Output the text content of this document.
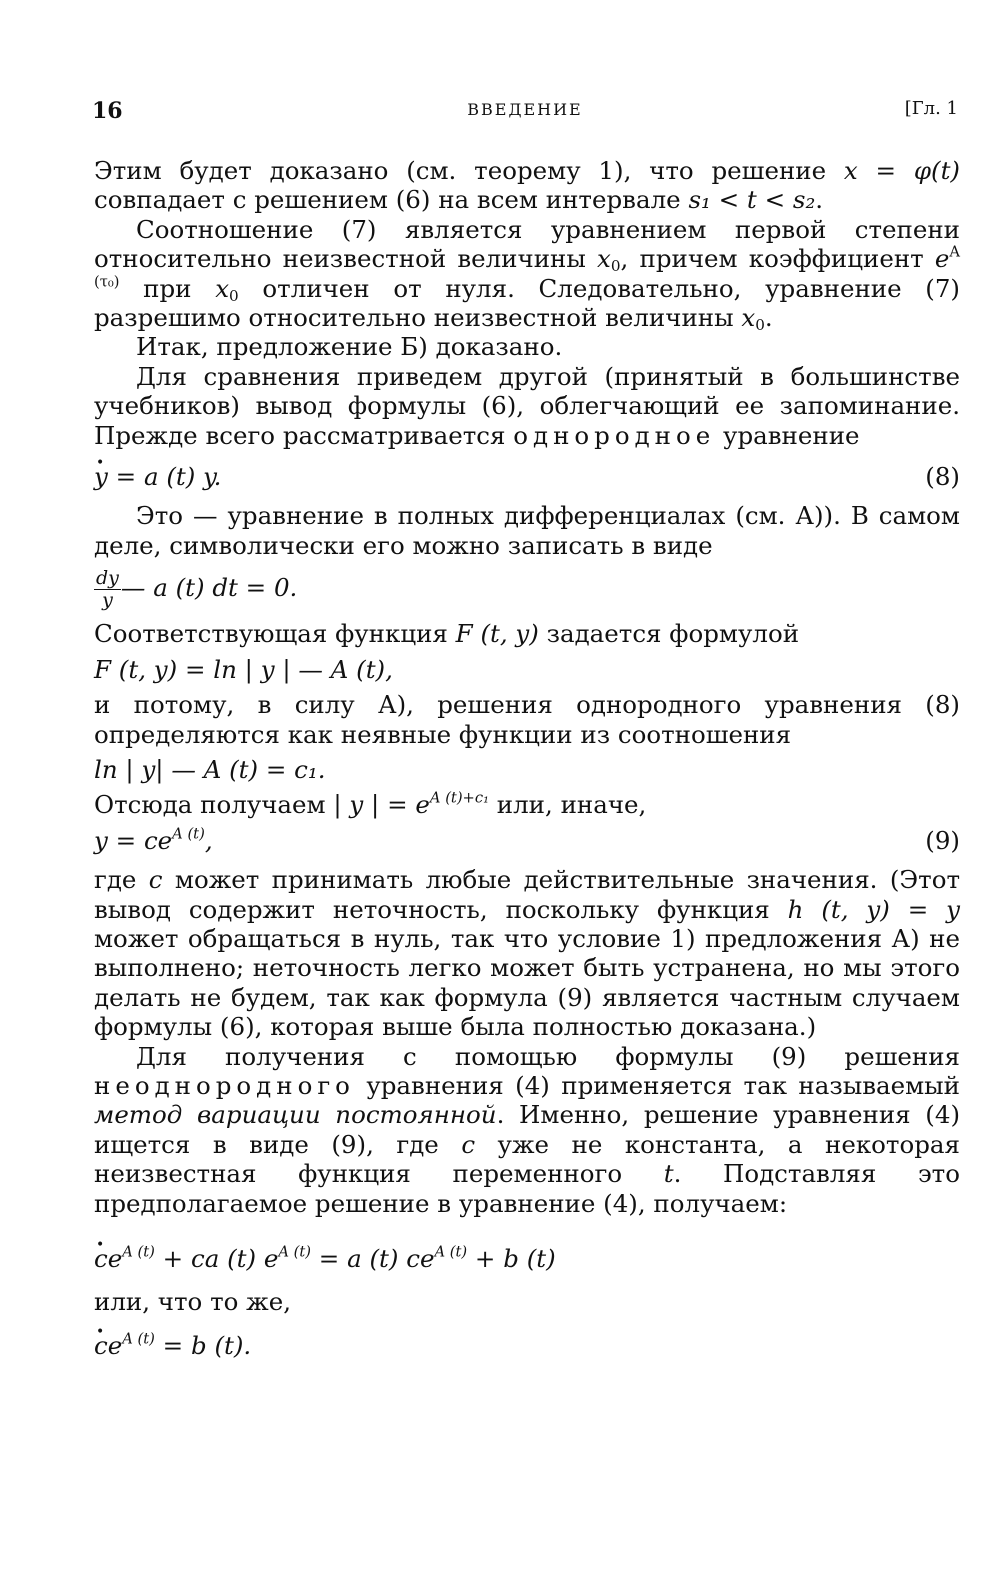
16	ВВЕДЕНИЕ	[Гл. 1

Этим будет доказано (см. теорему 1), что решение x = φ(t) совпадает с решением (6) на всем интервале s₁ < t < s₂.

Соотношение (7) является уравнением первой степени относительно неизвестной величины $x_0$, причем коэффициент $e^{A (\tau_0)}$ при $x_0$ отличен от нуля. Следовательно, уравнение (7) разрешимо относительно неизвестной величины $x_0$.

Итак, предложение Б) доказано.

Для сравнения приведем другой (принятый в большинстве учебников) вывод формулы (6), облегчающий ее запоминание. Прежде всего рассматривается однородное уравнение

• y = a (t) y.	(8)

Это — уравнение в полных дифференциалах (см. А)). В самом деле, символически его можно записать в виде

$\frac{dy}{y}$ — a (t) dt = 0.

Соответствующая функция F (t, y) задается формулой

F (t, y) = ln | y | — A (t),

и потому, в силу А), решения однородного уравнения (8) определяются как неявные функции из соотношения

ln | y| — A (t) = c₁.

Отсюда получаем | y | = $e^{A (t)+c_1}$ или, иначе,

$y = ce^{A (t)}$,	(9)

где c может принимать любые действительные значения. (Этот вывод содержит неточность, поскольку функция h (t, y) = y может обращаться в нуль, так что условие 1) предложения А) не выполнено; неточность легко может быть устранена, но мы этого делать не будем, так как формула (9) является частным случаем формулы (6), которая выше была полностью доказана.)

Для получения с помощью формулы (9) решения неоднородного уравнения (4) применяется так называемый метод вариации постоянной. Именно, решение уравнения (4) ищется в виде (9), где c уже не константа, а некоторая неизвестная функция переменного t. Подставляя это предполагаемое решение в уравнение (4), получаем:

• $ce^{A (t)}$ + ca (t) $e^{A (t)} = a$ (t) $ce^{A (t)} + b$ (t)

или, что то же,

• $ce^{A (t)} = b$ (t).
